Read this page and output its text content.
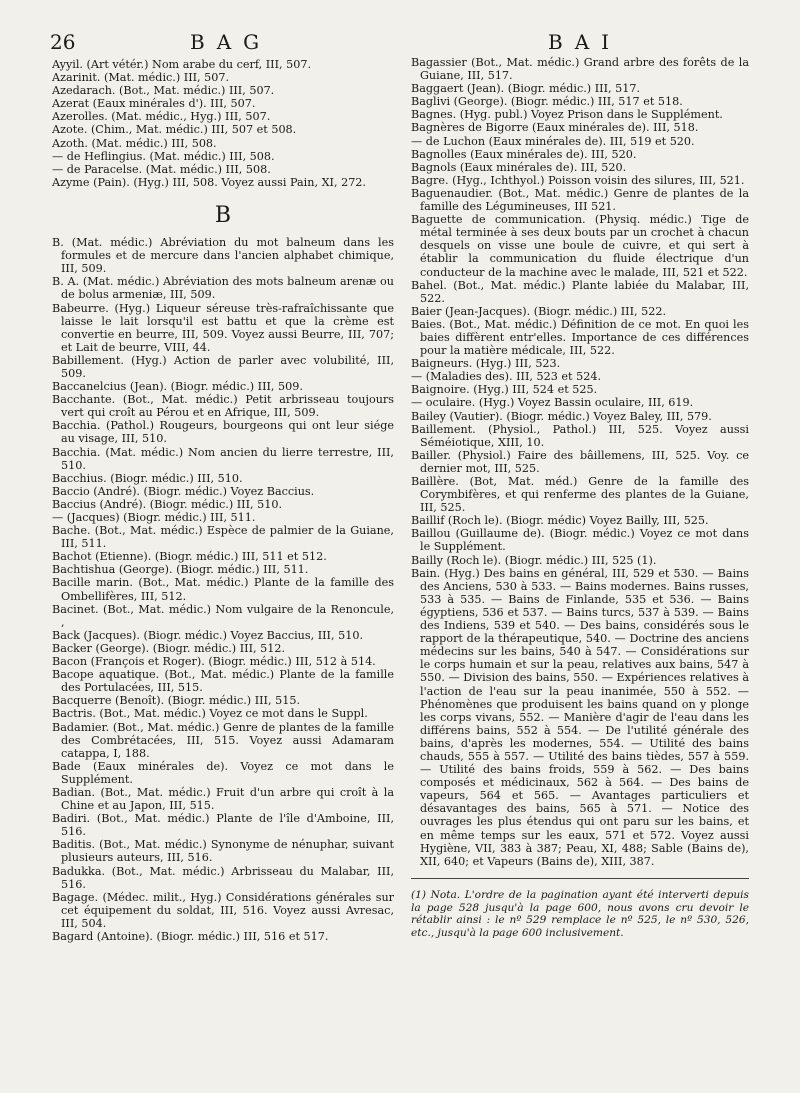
26	BAG	BAI

Ayyil. (Art vétér.) Nom arabe du cerf, III, 507.

Azarinit. (Mat. médic.) III, 507.

Azedarach. (Bot., Mat. médic.) III, 507.

Azerat (Eaux minérales d'). III, 507.

Azerolles. (Mat. médic., Hyg.) III, 507.

Azote. (Chim., Mat. médic.) III, 507 et 508.

Azoth. (Mat. médic.) III, 508.

— de Heflingius. (Mat. médic.) III, 508.

— de Paracelse. (Mat. médic.) III, 508.

Azyme (Pain). (Hyg.) III, 508. Voyez aussi Pain, XI, 272.

B

B. (Mat. médic.) Abréviation du mot balneum dans les formules et de mercure dans l'ancien alphabet chimique, III, 509.

B. A. (Mat. médic.) Abréviation des mots balneum arenæ ou de bolus armeniæ, III, 509.

Babeurre. (Hyg.) Liqueur séreuse très-rafraîchissante que laisse le lait lorsqu'il est battu et que la crème est convertie en beurre, III, 509. Voyez aussi Beurre, III, 707; et Lait de beurre, VIII, 44.

Babillement. (Hyg.) Action de parler avec volubilité, III, 509.

Baccanelcius (Jean). (Biogr. médic.) III, 509.

Bacchante. (Bot., Mat. médic.) Petit arbrisseau toujours vert qui croît au Pérou et en Afrique, III, 509.

Bacchia. (Pathol.) Rougeurs, bourgeons qui ont leur siége au visage, III, 510.

Bacchia. (Mat. médic.) Nom ancien du lierre terrestre, III, 510.

Bacchius. (Biogr. médic.) III, 510.

Baccio (André). (Biogr. médic.) Voyez Baccius.

Baccius (André). (Biogr. médic.) III, 510.

— (Jacques) (Biogr. médic.) III, 511.

Bache. (Bot., Mat. médic.) Espèce de palmier de la Guiane, III, 511.

Bachot (Etienne). (Biogr. médic.) III, 511 et 512.

Bachtishua (George). (Biogr. médic.) III, 511.

Bacille marin. (Bot., Mat. médic.) Plante de la famille des Ombellifères, III, 512.

Bacinet. (Bot., Mat. médic.) Nom vulgaire de la Renoncule, ,

Back (Jacques). (Biogr. médic.) Voyez Baccius, III, 510.

Backer (George). (Biogr. médic.) III, 512.

Bacon (François et Roger). (Biogr. médic.) III, 512 à 514.

Bacope aquatique. (Bot., Mat. médic.) Plante de la famille des Portulacées, III, 515.

Bacquerre (Benoît). (Biogr. médic.) III, 515.

Bactris. (Bot., Mat. médic.) Voyez ce mot dans le Suppl.

Badamier. (Bot., Mat. médic.) Genre de plantes de la famille des Combrétacées, III, 515. Voyez aussi Adamaram catappa, I, 188.

Bade (Eaux minérales de). Voyez ce mot dans le Supplément.

Badian. (Bot., Mat. médic.) Fruit d'un arbre qui croît à la Chine et au Japon, III, 515.

Badiri. (Bot., Mat. médic.) Plante de l'île d'Amboine, III, 516.

Baditis. (Bot., Mat. médic.) Synonyme de nénuphar, suivant plusieurs auteurs, III, 516.

Badukka. (Bot., Mat. médic.) Arbrisseau du Malabar, III, 516.

Bagage. (Médec. milit., Hyg.) Considérations générales sur cet équipement du soldat, III, 516. Voyez aussi Avresac, III, 504.

Bagard (Antoine). (Biogr. médic.) III, 516 et 517.

Bagassier (Bot., Mat. médic.) Grand arbre des forêts de la Guiane, III, 517.

Baggaert (Jean). (Biogr. médic.) III, 517.

Baglivi (George). (Biogr. médic.) III, 517 et 518.

Bagnes. (Hyg. publ.) Voyez Prison dans le Supplément.

Bagnères de Bigorre (Eaux minérales de). III, 518.

— de Luchon (Eaux minérales de). III, 519 et 520.

Bagnolles (Eaux minérales de). III, 520.

Bagnols (Eaux minérales de). III, 520.

Bagre. (Hyg., Ichthyol.) Poisson voisin des silures, III, 521.

Baguenaudier. (Bot., Mat. médic.) Genre de plantes de la famille des Légumineuses, III 521.

Baguette de communication. (Physiq. médic.) Tige de métal terminée à ses deux bouts par un crochet à chacun desquels on visse une boule de cuivre, et qui sert à établir la communication du fluide électrique d'un conducteur de la machine avec le malade, III, 521 et 522.

Bahel. (Bot., Mat. médic.) Plante labiée du Malabar, III, 522.

Baier (Jean-Jacques). (Biogr. médic.) III, 522.

Baies. (Bot., Mat. médic.) Définition de ce mot. En quoi les baies diffèrent entr'elles. Importance de ces différences pour la matière médicale, III, 522.

Baigneurs. (Hyg.) III, 523.

— (Maladies des). III, 523 et 524.

Baignoire. (Hyg.) III, 524 et 525.

— oculaire. (Hyg.) Voyez Bassin oculaire, III, 619.

Bailey (Vautier). (Biogr. médic.) Voyez Baley, III, 579.

Baillement. (Physiol., Pathol.) III, 525. Voyez aussi Séméiotique, XIII, 10.

Bailler. (Physiol.) Faire des bâillemens, III, 525. Voy. ce dernier mot, III, 525.

Baillère. (Bot, Mat. méd.) Genre de la famille des Corymbifères, et qui renferme des plantes de la Guiane, III, 525.

Baillif (Roch le). (Biogr. médic) Voyez Bailly, III, 525.

Baillou (Guillaume de). (Biogr. médic.) Voyez ce mot dans le Supplément.

Bailly (Roch le). (Biogr. médic.) III, 525 (1).

Bain. (Hyg.) Des bains en général, III, 529 et 530. — Bains des Anciens, 530 à 533. — Bains modernes. Bains russes, 533 à 535. — Bains de Finlande, 535 et 536. — Bains égyptiens, 536 et 537. — Bains turcs, 537 à 539. — Bains des Indiens, 539 et 540. — Des bains, considérés sous le rapport de la thérapeutique, 540. — Doctrine des anciens médecins sur les bains, 540 à 547. — Considérations sur le corps humain et sur la peau, relatives aux bains, 547 à 550. — Division des bains, 550. — Expériences relatives à l'action de l'eau sur la peau inanimée, 550 à 552. — Phénomènes que produisent les bains quand on y plonge les corps vivans, 552. — Manière d'agir de l'eau dans les différens bains, 552 à 554. — De l'utilité générale des bains, d'après les modernes, 554. — Utilité des bains chauds, 555 à 557. — Utilité des bains tièdes, 557 à 559. — Utilité des bains froids, 559 à 562. — Des bains composés et médicinaux, 562 à 564. — Des bains de vapeurs, 564 et 565. — Avantages particuliers et désavantages des bains, 565 à 571. — Notice des ouvrages les plus étendus qui ont paru sur les bains, et en même temps sur les eaux, 571 et 572. Voyez aussi Hygiène, VII, 383 à 387; Peau, XI, 488; Sable (Bains de), XII, 640; et Vapeurs (Bains de), XIII, 387.

(1) Nota. L'ordre de la pagination ayant été interverti depuis la page 528 jusqu'à la page 600, nous avons cru devoir le rétablir ainsi : le nº 529 remplace le nº 525, le nº 530, 526, etc., jusqu'à la page 600 inclusivement.
